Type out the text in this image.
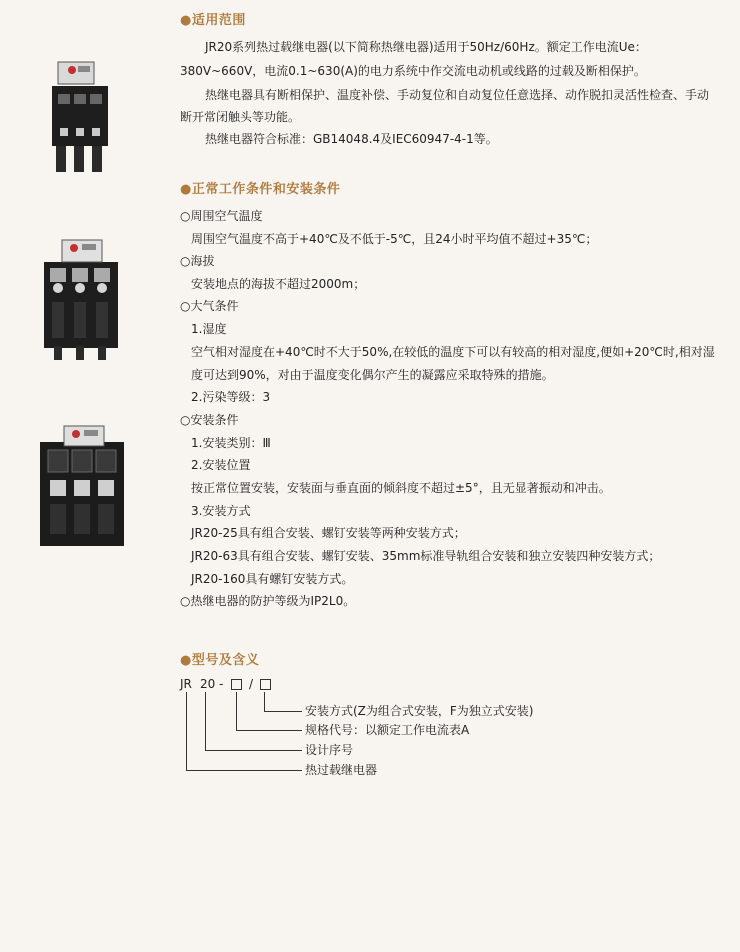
●适用范围
JR20系列热过载继电器(以下简称热继电器)适用于50Hz/60Hz。额定工作电流Ue：
380V~660V，电流0.1~630(A)的电力系统中作交流电动机或线路的过载及断相保护。
热继电器具有断相保护、温度补偿、手动复位和自动复位任意选择、动作脱扣灵活性检查、手动
断开常闭触头等功能。
热继电器符合标准：GB14048.4及IEC60947-4-1等。
●正常工作条件和安装条件
○周围空气温度
周围空气温度不高于+40℃及不低于-5℃，且24小时平均值不超过+35℃；
○海拔
安装地点的海拔不超过2000m；
○大气条件
1.湿度
空气相对湿度在+40℃时不大于50%,在较低的温度下可以有较高的相对湿度,便如+20℃时,相对湿
度可达到90%，对由于温度变化偶尔产生的凝露应采取特殊的措施。
2.污染等级：3
○安装条件
1.安装类别：Ⅲ
2.安装位置
按正常位置安装，安装面与垂直面的倾斜度不超过±5°，且无显著振动和冲击。
3.安装方式
JR20-25具有组合安装、螺钉安装等两种安装方式；
JR20-63具有组合安装、螺钉安装、35mm标准导轨组合安装和独立安装四种安装方式；
JR20-160具有螺钉安装方式。
○热继电器的防护等级为IP2L0。
●型号及含义
JR 20 - /
安装方式(Z为组合式安装，F为独立式安装)
规格代号：以额定工作电流表A
设计序号
热过载继电器
